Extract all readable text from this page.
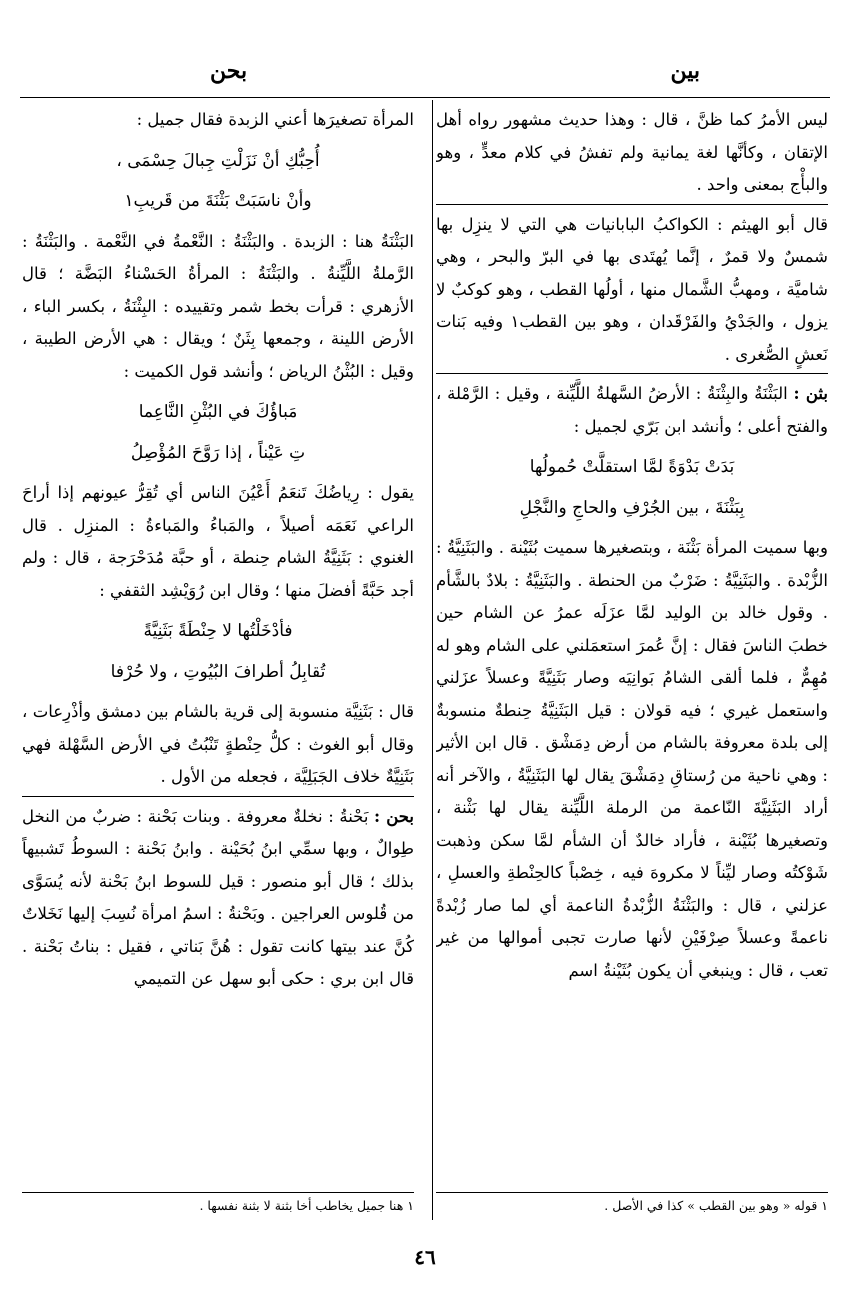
بين
بحن

ليس الأمرُ كما ظنَّ ، قال : وهذا حديث مشهور رواه أهل الإتقان ، وكأنَّها لغة يمانية ولم تفشُ في كلام معدٍّ ، وهو والبأْج بمعنى واحد .

قال أبو الهيثم : الكواكبُ البابانيات هي التي لا ينزِل بها شمسٌ ولا قمرٌ ، إنَّما يُهتَدى بها في البرّ والبحر ، وهي شاميَّة ، ومهبُّ الشَّمال منها ، أولُها القطب ، وهو كوكبٌ لا يزول ، والجَدْيُ والفَرْقَدان ، وهو بين القطب١ وفيه بَنات نَعشٍ الصُّغرى .

بثن : البَثْنَةُ والبِثْنَةُ : الأرضُ السَّهلةُ اللَّيِّنة ، وقيل : الرَّمْلة ، والفتح أعلى ؛ وأنشد ابن بَرّي لجميل :

بَدَتْ بَدْوَةً لمَّا استقلَّتْ حُمولُها

بِبَثْنَةَ ، بين الجُرْفِ والحاجِ والنَّجْلِ

وبها سميت المرأة بَثْنَة ، وبتصغيرها سميت بُثَيْنة . والبَثَنِيَّةُ : الزُّبْدة . والبَثَنِيَّةُ : ضَرْبٌ من الحنطة . والبَثَنِيَّةُ : بلادٌ بالشَّأم . وقول خالد بن الوليد لمَّا عزَلَه عمرُ عن الشام حين خطبَ الناسَ فقال : إنَّ عُمرَ استعمَلني على الشام وهو له مُهِمٌّ ، فلما ألقى الشامُ بَوانِيَه وصار بَثَنِيَّةً وعسلاً عزَلني واستعمل غيري ؛ فيه قولان : قيل البَثَنِيَّةُ حِنطةٌ منسوبةٌ إلى بلدة معروفة بالشام من أرض دِمَشْق . قال ابن الأثير : وهي ناحية من رُستاقِ دِمَشْقَ يقال لها البَثَنِيَّةُ ، والآخر أنه أراد البَثَنِيَّةَ النّاعمة من الرملة اللَّيِّنة يقال لها بَثْنة ، وتصغيرها بُثَيْنة ، فأراد خالدٌ أن الشأم لمَّا سكن وذهبت شَوْكتُه وصار ليِّناً لا مكروهَ فيه ، خِصْباً كالحِنْطةِ والعسلِ ، عزلني ، قال : والبَثْنَةُ الزُّبْدةُ الناعمة أي لما صار زُبْدةً ناعمةً وعسلاً صِرْفَيْنِ لأنها صارت تجبى أموالها من غير تعب ، قال : وينبغي أن يكون بُثَيْنةُ اسم

المرأة تصغيرَها أعني الزبدة فقال جميل :

أُحِبُّكِ أنْ نَزَلْتِ جِبالَ حِسْمَى ،

وأنْ ناسَبَتْ بَثْنَةَ من قَريبِ١

البَثْنَةُ هنا : الزبدة . والبَثْنَةُ : النَّعْمةُ في النَّعْمة . والبَثْنَةُ : الرَّملةُ اللَّيِّنةُ . والبَثْنَةُ : المرأةُ الحَسْناءُ البَضَّة ؛ قال الأزهري : قرأت بخط شمر وتقييده : البِثْنَةُ ، بكسر الباء ، الأرض اللينة ، وجمعها بِثَنٌ ؛ ويقال : هي الأرض الطيبة ، وقيل : البُثْنُ الرياض ؛ وأنشد قول الكميت :

مَباؤُكَ في البُثْنِ النَّاعِما

تِ عَيْناً ، إذا رَوَّحَ المُؤْصِلُ

يقول : رِياضُكَ تَنعَمُ أَعْيُنَ الناس أي تُقِرُّ عيونهم إذا أراحَ الراعي نَعَمَه أصيلاً ، والمَباءُ والمَباءةُ : المنزِل . قال الغنوي : بَثَنِيَّةُ الشام حِنطة ، أو حبَّة مُدَحْرَجة ، قال : ولم أجد حَبَّةً أفضلَ منها ؛ وقال ابن رُوَيْشِد الثقفي :

فأدْخَلْتُها لا حِنْطَةً بَثَنِيَّةً

تُقابِلُ أطرافَ البُيُوتِ ، ولا حُرْفا

قال : بَثَنِيَّة منسوبة إلى قرية بالشام بين دمشق وأذْرِعات ، وقال أبو الغوث : كلُّ حِنْطةٍ تَنْبُتُ في الأرض السَّهْلة فهي بَثَنِيَّةٌ خلاف الجَبَلِيَّة ، فجعله من الأول .

بحن : بَحْنةُ : نخلةٌ معروفة . وبنات بَحْنة : ضربٌ من النخل طِوالٌ ، وبها سمِّي ابنُ بُحَيْنة . وابنُ بَحْنة : السوطُ تَشبيهاً بذلك ؛ قال أبو منصور : قيل للسوط ابنُ بَحْنة لأنه يُسَوَّى من قُلوس العراجين . وبَحْنةُ : اسمُ امرأة نُسِبَ إليها نَخَلاتٌ كُنَّ عند بيتها كانت تقول : هُنَّ بَناتي ، فقيل : بناتُ بَحْنة . قال ابن بري : حكى أبو سهل عن التميمي

١ قوله « وهو بين القطب » كذا في الأصل .
١ هنا جميل يخاطب أخا بثنة لا بثنة نفسها .
٤٦
